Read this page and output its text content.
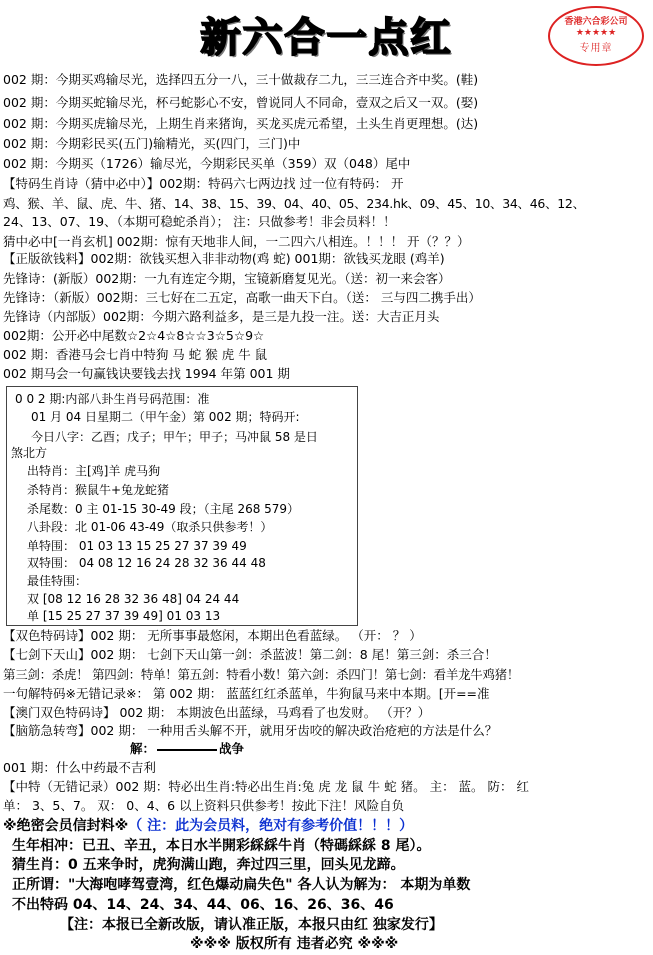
新六合一点红	香港六合彩公司
★★★★★
专用章
002 期：今期买鸡输尽光，选择四五分一八，三十做裁存二九，三三连合齐中奖。(鞋)
002 期：今期买蛇输尽光，杯弓蛇影心不安，曾说同人不同命，壹双之后又一双。(娶)
002 期：今期买虎输尽光，上期生肖来猪询，买龙买虎元希望，土头生肖更理想。(达)
002 期：今期彩民买(五门)输精光，买(四门，三门)中
002 期：今期买（1726）输尽光，今期彩民买单（359）双（048）尾中
【特码生肖诗（猜中必中）】002期：特码六七两边找 过一位有特码： 开
鸡、猴、羊、鼠、虎、牛、猪、14、38、15、39、04、40、05、234.hk、09、45、10、34、46、12、
24、13、07、19、（本期可稳蛇杀肖）； 注：只做参考！非会员料！！
猜中必中[一肖玄机] 002期：惊有天地非人间，一二四六八相连。！！！ 开（？？）
【正版欲钱料】002期：欲钱买想入非非动物(鸡 蛇) 001期：欲钱买龙眼 (鸡羊)
先锋诗：(新版）002期：一九有连定今期，宝镜新磨复见光。（送：初一来会客）
先锋诗：（新版）002期：三七好在二五定，高歌一曲天下白。（送： 三与四二携手出）
先锋诗（内部版）002期：今期六路利益多，是三是九投一注。送：大吉正月头
002期：公开必中尾数☆2☆4☆8☆☆3☆5☆9☆
002 期：香港马会七肖中特狗 马 蛇 猴 虎 牛 鼠
002 期马会一句赢钱诀要钱去找 1994 年第 001 期
0 0 2 期:内部八卦生肖号码范围：准
01 月 04 日星期二（甲午金）第 002 期；特码开:
今日八字：乙酉；戊子；甲午；甲子；马冲鼠 58 是日
煞北方
出特肖：主[鸡]羊 虎马狗
杀特肖：猴鼠牛+兔龙蛇猪
杀尾数：0 主 01-15 30-49 段；（主尾 268 579）
八卦段：北 01-06 43-49（取杀只供参考！）
单特围： 01 03 13 15 25 27 37 39 49
双特围： 04 08 12 16 24 28 32 36 44 48
最佳特围：
双 [08 12 16 28 32 36 48] 04 24 44
单 [15 25 27 37 39 49] 01 03 13
【双色特码诗】002 期： 无所事事最悠闲，本期出色看蓝绿。 （开： ？ ）
【七剑下天山】002 期： 七剑下天山第一剑：杀蓝波！第二剑：8 尾！第三剑：杀三合！
第三剑：杀虎！ 第四剑：特单！第五剑：特看小数！第六剑：杀四门！第七剑：看羊龙牛鸡猪！
一句解特码※无错记录※： 第 002 期： 蓝蓝红红杀蓝单，牛狗鼠马来中本期。[开==准
【澳门双色特码诗】 002 期： 本期波色出蓝绿，马鸡看了也发财。 （开？）
【脑筋急转弯】002 期： 一种用舌头解不开，就用牙齿咬的解决政治疮疤的方法是什么？
解：	战争
001 期：什么中药最不吉利
【中特（无错记录）002 期：特必出生肖:特必出生肖:兔 虎 龙 鼠 牛 蛇 猪。 主： 蓝。 防： 红
单： 3、5、7。 双： 0、4、6 以上资料只供参考！按此下注！风险自负
※绝密会员信封料※（ 注：此为会员料，绝对有参考价值！！！）
生年相冲：已丑、辛丑，本日水半開彩綵綵牛肖（特碼綵綵 8 尾）。
猜生肖：0 五来争时，虎狗满山跑，奔过四三里，回头见龙蹄。
正所谓："大海咆哮驾壹湾，红色爆动扁失色" 各人认为解为： 本期为单数
不出特码 04、14、24、34、44、06、16、26、36、46
【注：本报已全新改版，请认准正版，本报只由红 独家发行】
※※※ 版权所有 违者必究 ※※※
